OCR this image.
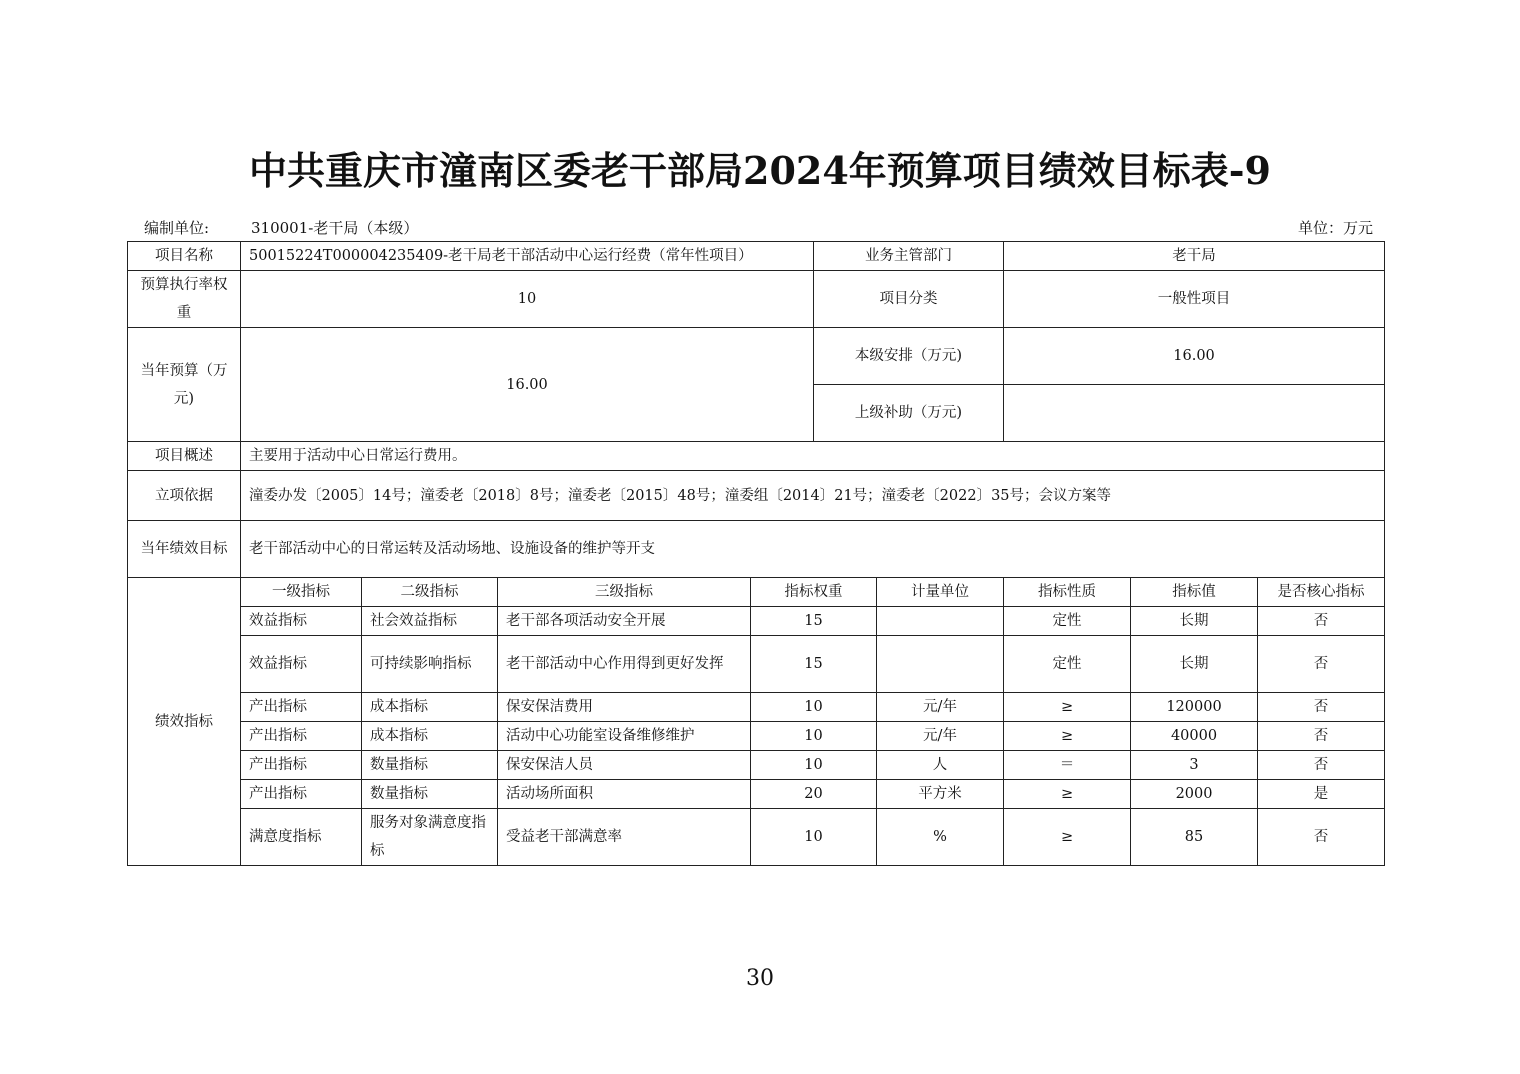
中共重庆市潼南区委老干部局2024年预算项目绩效目标表-9
编制单位:	310001-老干局（本级）	单位：万元
项目名称	50015224T000004235409-老干局老干部活动中心运行经费（常年性项目）				业务主管部门		老干局		
预算执行率权重	10				项目分类		一般性项目		
当年预算（万元)	16.00				本级安排（万元)		16.00		
					上级补助（万元)				
项目概述	主要用于活动中心日常运行费用。								
立项依据	潼委办发〔2005〕14号；潼委老〔2018〕8号；潼委老〔2015〕48号；潼委组〔2014〕21号；潼委老〔2022〕35号；会议方案等								
当年绩效目标	老干部活动中心的日常运转及活动场地、设施设备的维护等开支								
绩效指标	一级指标	二级指标	三级指标	指标权重		计量单位	指标性质	指标值	是否核心指标
	效益指标	社会效益指标	老干部各项活动安全开展	15			定性	长期	否
	效益指标	可持续影响指标	老干部活动中心作用得到更好发挥	15			定性	长期	否
	产出指标	成本指标	保安保洁费用	10		元/年	≥	120000	否
	产出指标	成本指标	活动中心功能室设备维修维护	10		元/年	≥	40000	否
	产出指标	数量指标	保安保洁人员	10		人	＝	3	否
	产出指标	数量指标	活动场所面积	20		平方米	≥	2000	是
	满意度指标	服务对象满意度指标	受益老干部满意率	10		%	≥	85	否
30
